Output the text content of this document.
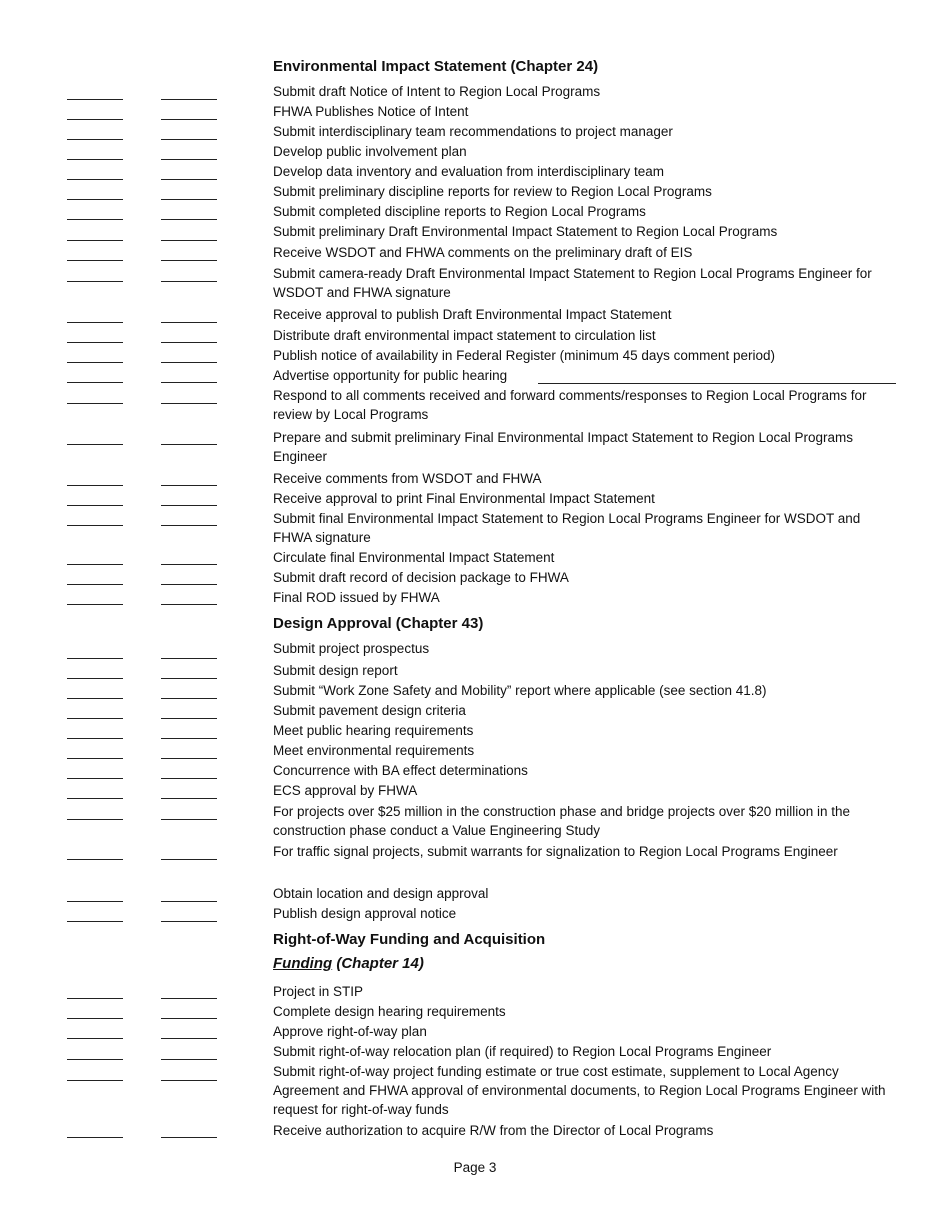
Environmental Impact Statement (Chapter 24)
Submit draft Notice of Intent to Region Local Programs
FHWA Publishes Notice of Intent
Submit interdisciplinary team recommendations to project manager
Develop public involvement plan
Develop data inventory and evaluation from interdisciplinary team
Submit preliminary discipline reports for review to Region Local Programs
Submit completed discipline reports to Region Local Programs
Submit preliminary Draft Environmental Impact Statement to Region Local Programs
Receive WSDOT and FHWA comments on the preliminary draft of EIS
Submit camera-ready Draft Environmental Impact Statement to Region Local Programs Engineer for WSDOT and FHWA signature
Receive approval to publish Draft Environmental Impact Statement
Distribute draft environmental impact statement to circulation list
Publish notice of availability in Federal Register (minimum 45 days comment period)
Advertise opportunity for public hearing
Respond to all comments received and forward comments/responses to Region Local Programs for review by Local Programs
Prepare and submit preliminary Final Environmental Impact Statement to Region Local Programs Engineer
Receive comments from WSDOT and FHWA
Receive approval to print Final Environmental Impact Statement
Submit final Environmental Impact Statement to Region Local Programs Engineer for WSDOT and FHWA signature
Circulate final Environmental Impact Statement
Submit draft record of decision package to FHWA
Final ROD issued by FHWA
Design Approval (Chapter 43)
Submit project prospectus
Submit design report
Submit “Work Zone Safety and Mobility” report where applicable (see section 41.8)
Submit pavement design criteria
Meet public hearing requirements
Meet environmental requirements
Concurrence with BA effect determinations
ECS approval by FHWA
For projects over $25 million in the construction phase and bridge projects over $20 million in the construction phase conduct a Value Engineering Study
For traffic signal projects, submit warrants for signalization to Region Local Programs Engineer
Obtain location and design approval
Publish design approval notice
Right-of-Way Funding and Acquisition
Funding (Chapter 14)
Project in STIP
Complete design hearing requirements
Approve right-of-way plan
Submit right-of-way relocation plan (if required) to Region Local Programs Engineer
Submit right-of-way project funding estimate or true cost estimate, supplement to Local Agency Agreement and FHWA approval of environmental documents, to Region Local Programs Engineer with request for right-of-way funds
Receive authorization to acquire R/W from the Director of Local Programs
Page 3
